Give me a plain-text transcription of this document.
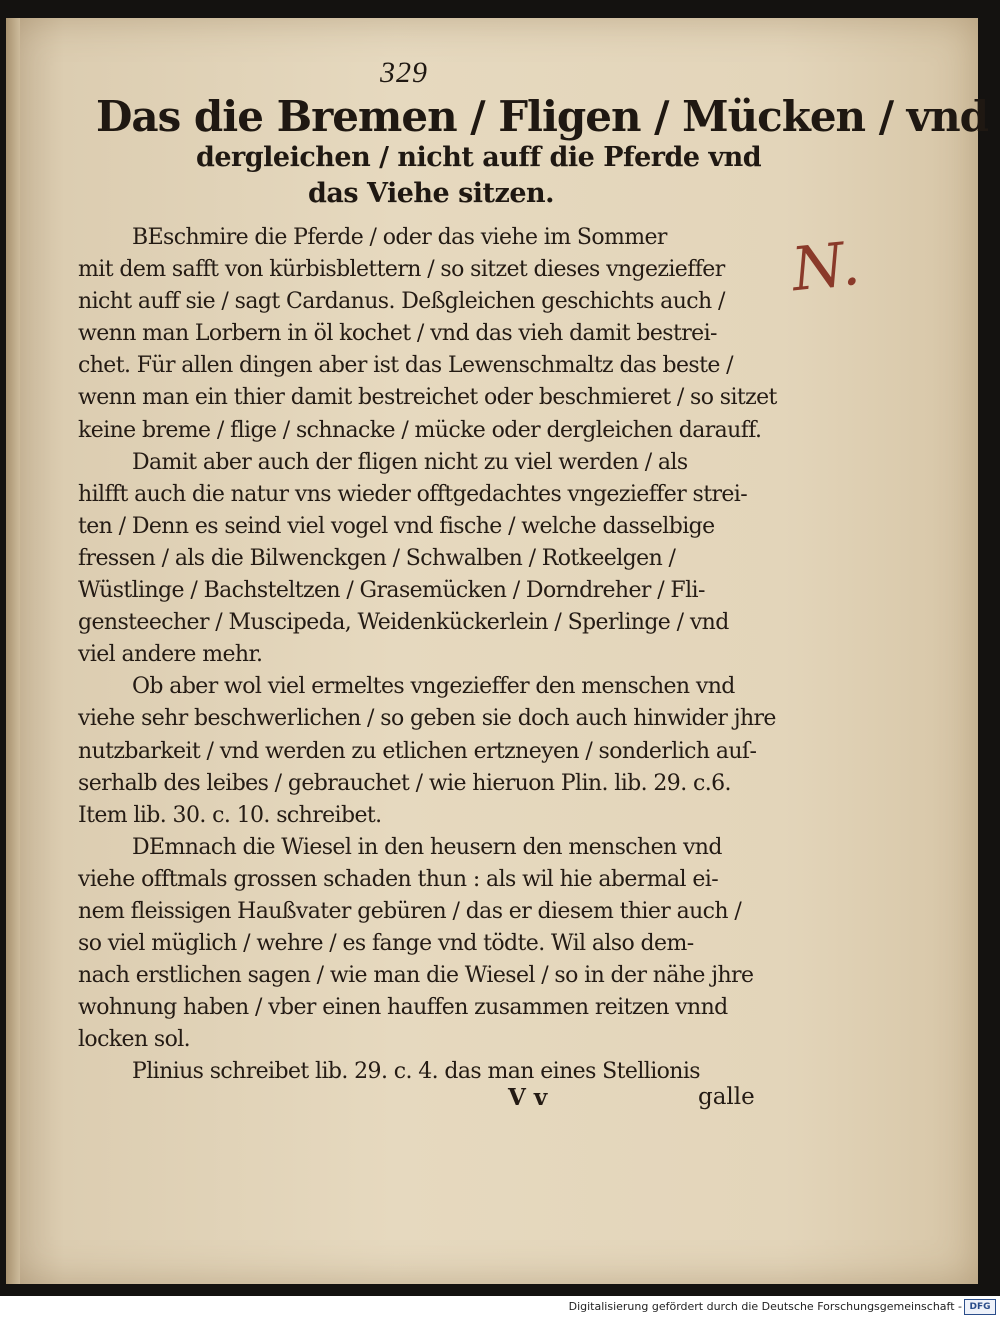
329
Das die Bremen / Fligen / Mücken / vnd
dergleichen / nicht auff die Pferde vnd
das Viehe sitzen.
N.
BEschmire die Pferde / oder das viehe im Sommer
mit dem safft von kürbisblettern / so sitzet dieses vngezieffer
nicht auff sie / sagt Cardanus. Deßgleichen geschichts auch /
wenn man Lorbern in öl kochet / vnd das vieh damit bestrei-
chet. Für allen dingen aber ist das Lewenschmaltz das beste /
wenn man ein thier damit bestreichet oder beschmieret / so sitzet
keine breme / flige / schnacke / mücke oder dergleichen darauff.
Damit aber auch der fligen nicht zu viel werden / als
hilfft auch die natur vns wieder offtgedachtes vngezieffer strei-
ten / Denn es seind viel vogel vnd fische / welche dasselbige
fressen / als die Bilwenckgen / Schwalben / Rotkeelgen /
Wüstlinge / Bachsteltzen / Grasemücken / Dorndreher / Fli-
gensteecher / Muscipeda, Weidenkückerlein / Sperlinge / vnd
viel andere mehr.
Ob aber wol viel ermeltes vngezieffer den menschen vnd
viehe sehr beschwerlichen / so geben sie doch auch hinwider jhre
nutzbarkeit / vnd werden zu etlichen ertzneyen / sonderlich auſ-
serhalb des leibes / gebrauchet / wie hieruon Plin. lib. 29. c.6.
Item lib. 30. c. 10. schreibet.
DEmnach die Wiesel in den heusern den menschen vnd
viehe offtmals grossen schaden thun : als wil hie abermal ei-
nem fleissigen Haußvater gebüren / das er diesem thier auch /
so viel müglich / wehre / es fange vnd tödte. Wil also dem-
nach erstlichen sagen / wie man die Wiesel / so in der nähe jhre
wohnung haben / vber einen hauffen zusammen reitzen vnnd
locken sol.
Plinius schreibet lib. 29. c. 4. das man eines Stellionis
V v	galle
Digitalisierung gefördert durch die Deutsche Forschungsgemeinschaft - DFG
